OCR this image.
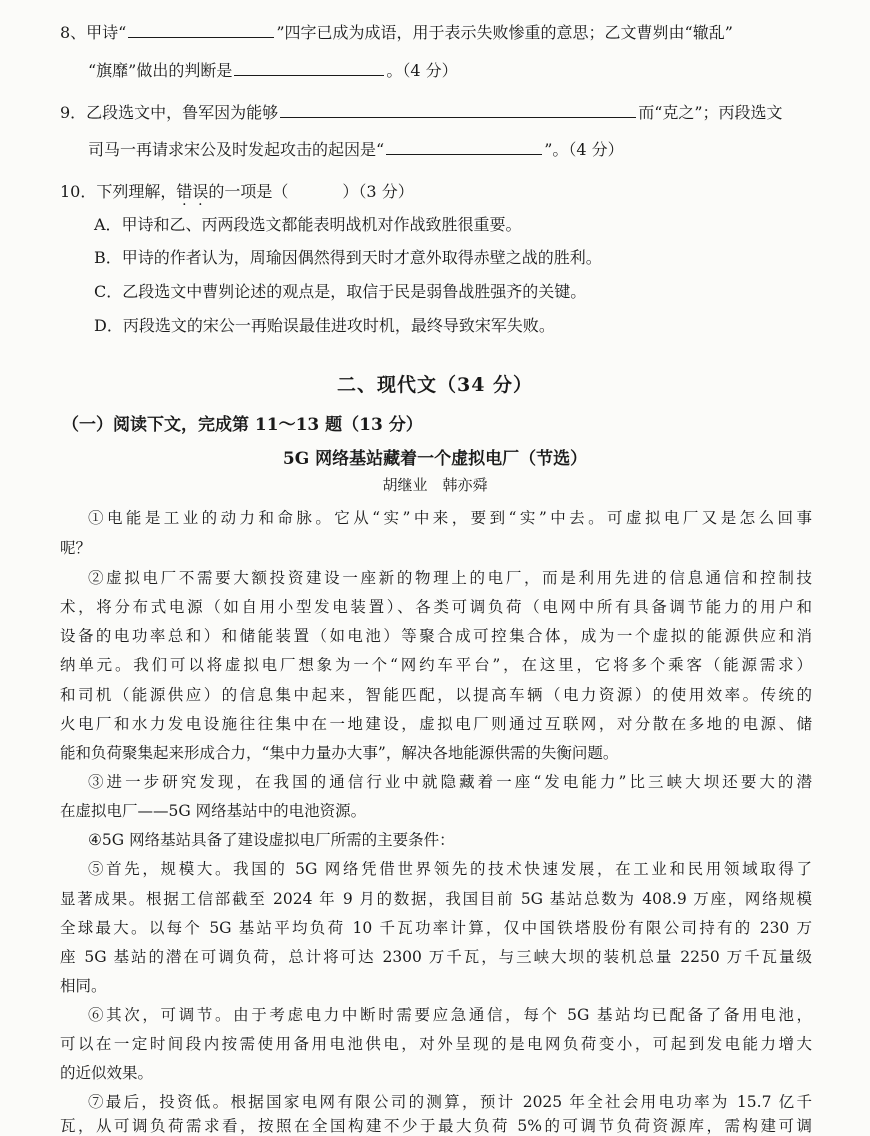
8、甲诗“	”四字已成为成语，用于表示失败惨重的意思；乙文曹刿由“辙乱”
“旗靡”做出的判断是	。（4 分）
9．乙段选文中，鲁军因为能够	而“克之”；丙段选文
司马一再请求宋公及时发起攻击的起因是“	”。（4 分）
10．下列理解，错误的一项是（	）（3 分）
A．甲诗和乙、丙两段选文都能表明战机对作战致胜很重要。
B．甲诗的作者认为，周瑜因偶然得到天时才意外取得赤壁之战的胜利。
C．乙段选文中曹刿论述的观点是，取信于民是弱鲁战胜强齐的关键。
D．丙段选文的宋公一再贻误最佳进攻时机，最终导致宋军失败。
二、现代文（34 分）
（一）阅读下文，完成第 11～13 题（13 分）
5G 网络基站藏着一个虚拟电厂（节选）
胡继业　韩亦舜
①电能是工业的动力和命脉。它从“实”中来，要到“实”中去。可虚拟电厂又是怎么回事
呢？
②虚拟电厂不需要大额投资建设一座新的物理上的电厂，而是利用先进的信息通信和控制技
术，将分布式电源（如自用小型发电装置）、各类可调负荷（电网中所有具备调节能力的用户和
设备的电功率总和）和储能装置（如电池）等聚合成可控集合体，成为一个虚拟的能源供应和消
纳单元。我们可以将虚拟电厂想象为一个“网约车平台”，在这里，它将多个乘客（能源需求）
和司机（能源供应）的信息集中起来，智能匹配，以提高车辆（电力资源）的使用效率。传统的
火电厂和水力发电设施往往集中在一地建设，虚拟电厂则通过互联网，对分散在多地的电源、储
能和负荷聚集起来形成合力，“集中力量办大事”，解决各地能源供需的失衡问题。
③进一步研究发现，在我国的通信行业中就隐藏着一座“发电能力”比三峡大坝还要大的潜
在虚拟电厂——5G 网络基站中的电池资源。
④5G 网络基站具备了建设虚拟电厂所需的主要条件：
⑤首先，规模大。我国的 5G 网络凭借世界领先的技术快速发展，在工业和民用领域取得了
显著成果。根据工信部截至 2024 年 9 月的数据，我国目前 5G 基站总数为 408.9 万座，网络规模
全球最大。以每个 5G 基站平均负荷 10 千瓦功率计算，仅中国铁塔股份有限公司持有的 230 万
座 5G 基站的潜在可调负荷，总计将可达 2300 万千瓦，与三峡大坝的装机总量 2250 万千瓦量级
相同。
⑥其次，可调节。由于考虑电力中断时需要应急通信，每个 5G 基站均已配备了备用电池，
可以在一定时间段内按需使用备用电池供电，对外呈现的是电网负荷变小，可起到发电能力增大
的近似效果。
⑦最后，投资低。根据国家电网有限公司的测算，预计 2025 年全社会用电功率为 15.7 亿千
瓦，从可调负荷需求看，按照在全国构建不少于最大负荷 5%的可调节负荷资源库，需构建可调
